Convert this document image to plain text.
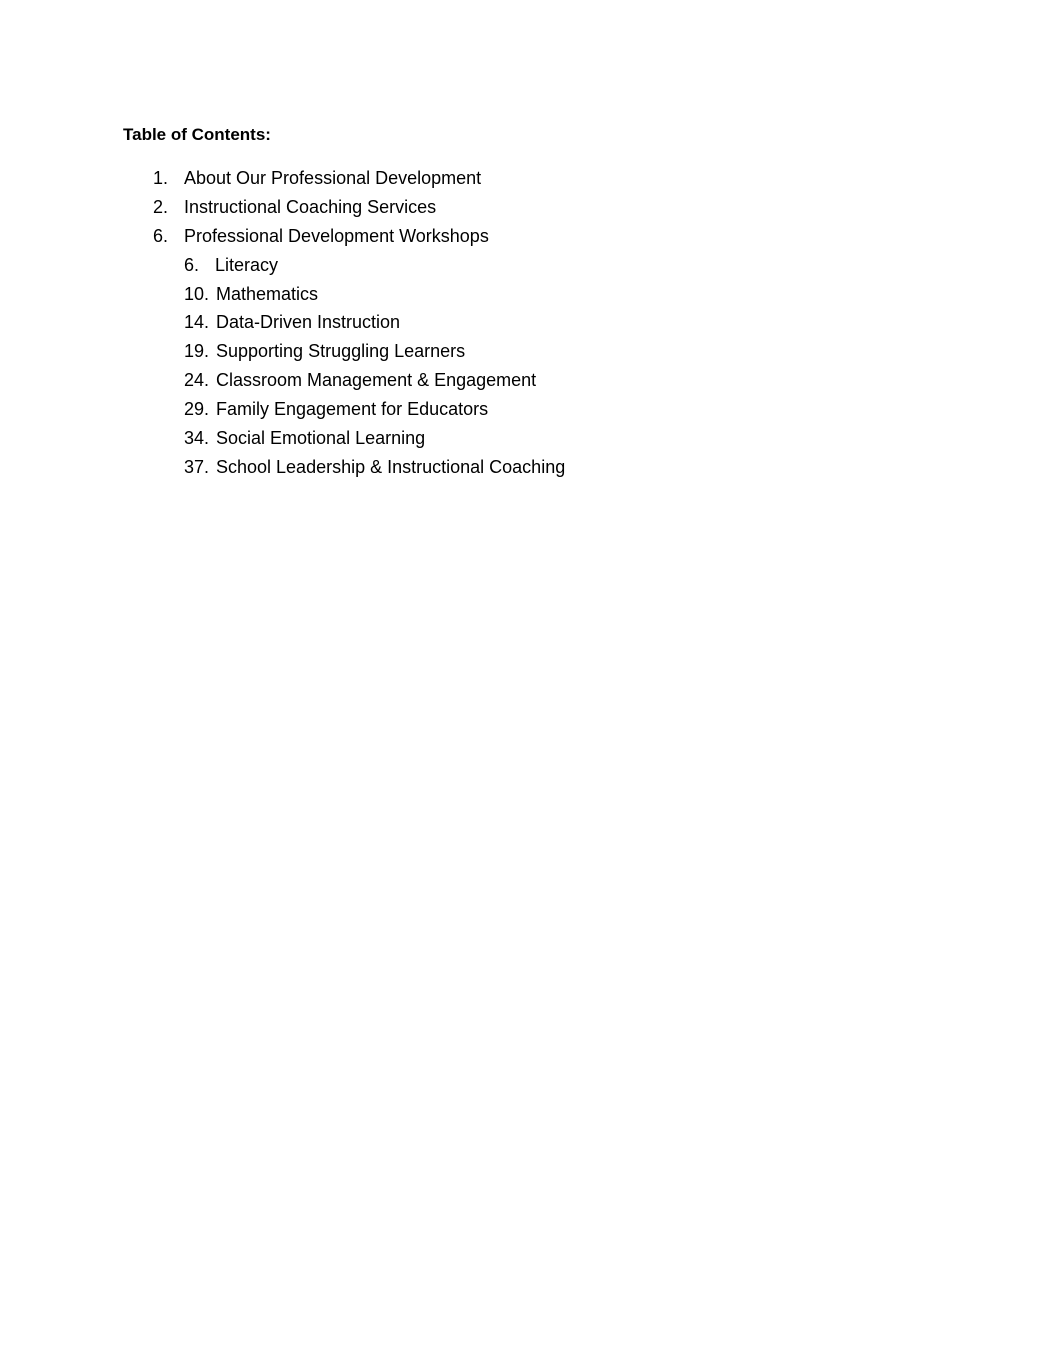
Table of Contents:
1. About Our Professional Development
2. Instructional Coaching Services
6. Professional Development Workshops
6. Literacy
10. Mathematics
14. Data-Driven Instruction
19. Supporting Struggling Learners
24. Classroom Management & Engagement
29. Family Engagement for Educators
34. Social Emotional Learning
37. School Leadership & Instructional Coaching
